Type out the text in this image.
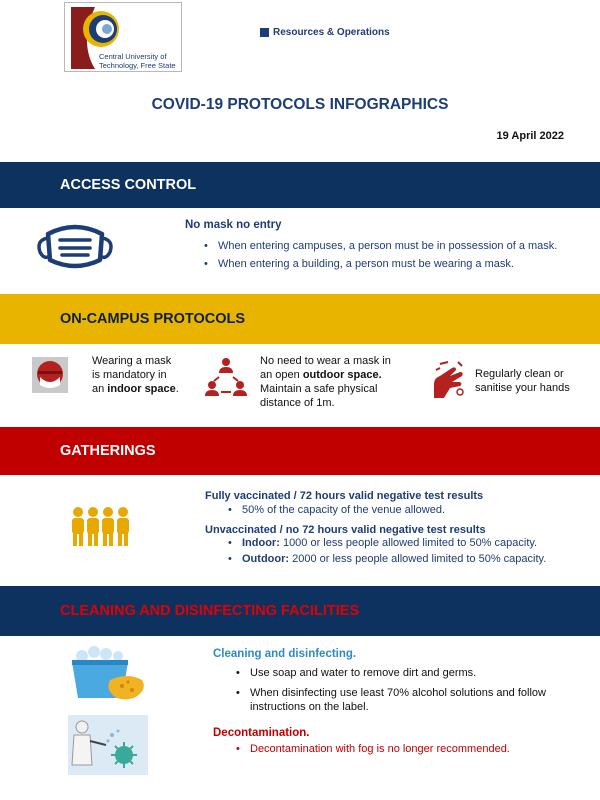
Central University of
Technology, Free State
Resources & Operations
COVID-19 PROTOCOLS INFOGRAPHICS
19 April 2022
ACCESS CONTROL
No mask no entry
• When entering campuses, a person must be in possession of a mask.
• When entering a building, a person must be wearing a mask.
ON-CAMPUS PROTOCOLS
Wearing a mask
is mandatory in
an indoor space.
No need to wear a mask in
an open outdoor space.
Maintain a safe physical
distance of 1m.
Regularly clean or
sanitise your hands
GATHERINGS
Fully vaccinated / 72 hours valid negative test results
• 50% of the capacity of the venue allowed.
Unvaccinated / no 72 hours valid negative test results
• Indoor: 1000 or less people allowed limited to 50% capacity.
• Outdoor: 2000 or less people allowed limited to 50% capacity.
CLEANING AND DISINFECTING FACILITIES
Cleaning and disinfecting.
• Use soap and water to remove dirt and germs.
• When disinfecting use least 70% alcohol solutions and follow
instructions on the label.
Decontamination.
• Decontamination with fog is no longer recommended.
